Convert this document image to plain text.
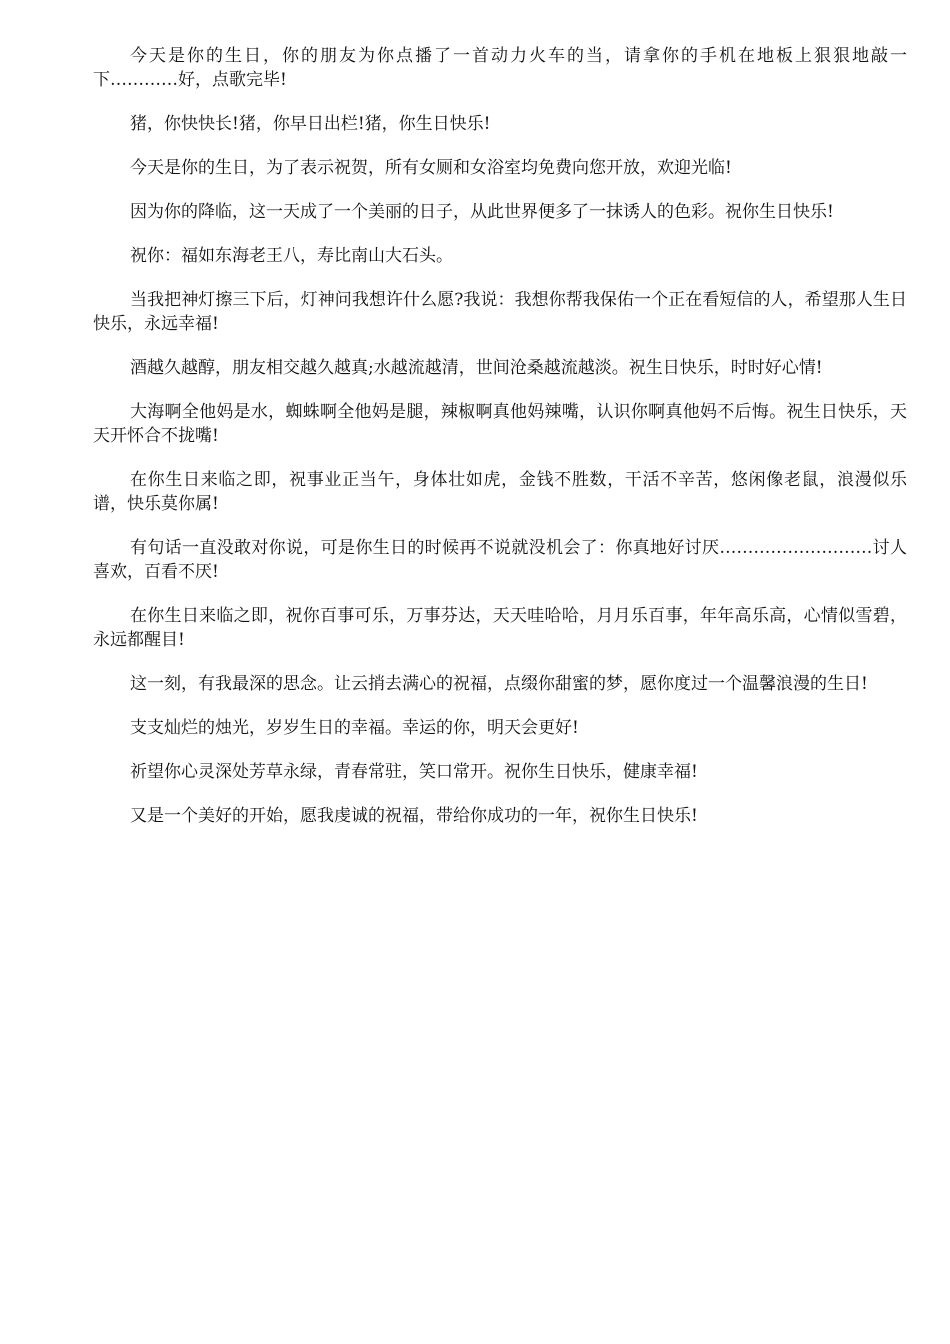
今天是你的生日，你的朋友为你点播了一首动力火车的当，请拿你的手机在地板上狠狠地敲一下…………好，点歌完毕!

猪，你快快长!猪，你早日出栏!猪，你生日快乐!

今天是你的生日，为了表示祝贺，所有女厕和女浴室均免费向您开放，欢迎光临!

因为你的降临，这一天成了一个美丽的日子，从此世界便多了一抹诱人的色彩。祝你生日快乐!

祝你：福如东海老王八，寿比南山大石头。

当我把神灯擦三下后，灯神问我想许什么愿?我说：我想你帮我保佑一个正在看短信的人，希望那人生日快乐，永远幸福!

酒越久越醇，朋友相交越久越真;水越流越清，世间沧桑越流越淡。祝生日快乐，时时好心情!

大海啊全他妈是水，蜘蛛啊全他妈是腿，辣椒啊真他妈辣嘴，认识你啊真他妈不后悔。祝生日快乐，天天开怀合不拢嘴!

在你生日来临之即，祝事业正当午，身体壮如虎，金钱不胜数，干活不辛苦，悠闲像老鼠，浪漫似乐谱，快乐莫你属!

有句话一直没敢对你说，可是你生日的时候再不说就没机会了：你真地好讨厌………………………讨人喜欢，百看不厌!

在你生日来临之即，祝你百事可乐，万事芬达，天天哇哈哈，月月乐百事，年年高乐高，心情似雪碧，永远都醒目!

这一刻，有我最深的思念。让云捎去满心的祝福，点缀你甜蜜的梦，愿你度过一个温馨浪漫的生日!

支支灿烂的烛光，岁岁生日的幸福。幸运的你，明天会更好!

祈望你心灵深处芳草永绿，青春常驻，笑口常开。祝你生日快乐，健康幸福!

又是一个美好的开始，愿我虔诚的祝福，带给你成功的一年，祝你生日快乐!
